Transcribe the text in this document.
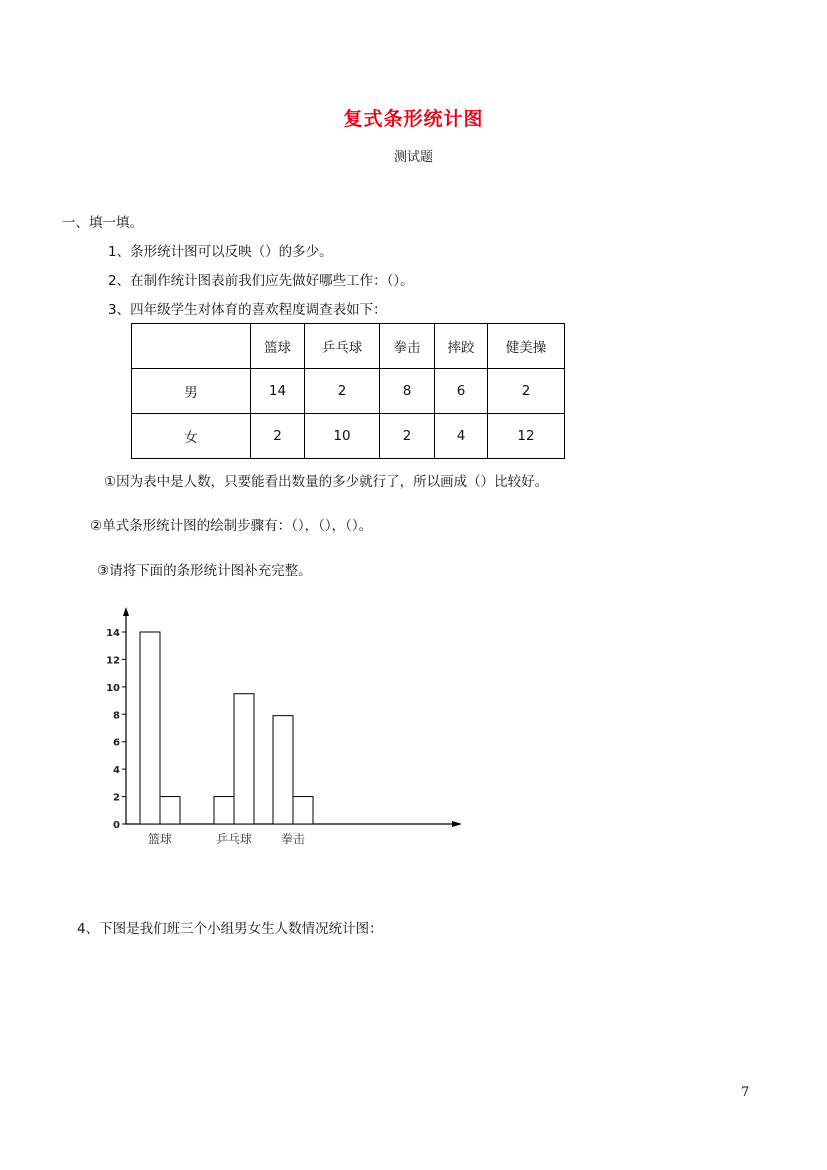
复式条形统计图
测试题
一、填一填。
1、条形统计图可以反映（）的多少。
2、在制作统计图表前我们应先做好哪些工作：（）。
3、四年级学生对体育的喜欢程度调查表如下：
	篮球	乒乓球	拳击	摔跤	健美操
男	14	2	8	6	2
女	2	10	2	4	12
①因为表中是人数，只要能看出数量的多少就行了，所以画成（）比较好。
②单式条形统计图的绘制步骤有：（），（），（）。
③请将下面的条形统计图补充完整。
0
2
4
6
8
10
12
14
篮球	乒乓球 拳击
4、下图是我们班三个小组男女生人数情况统计图：
7
